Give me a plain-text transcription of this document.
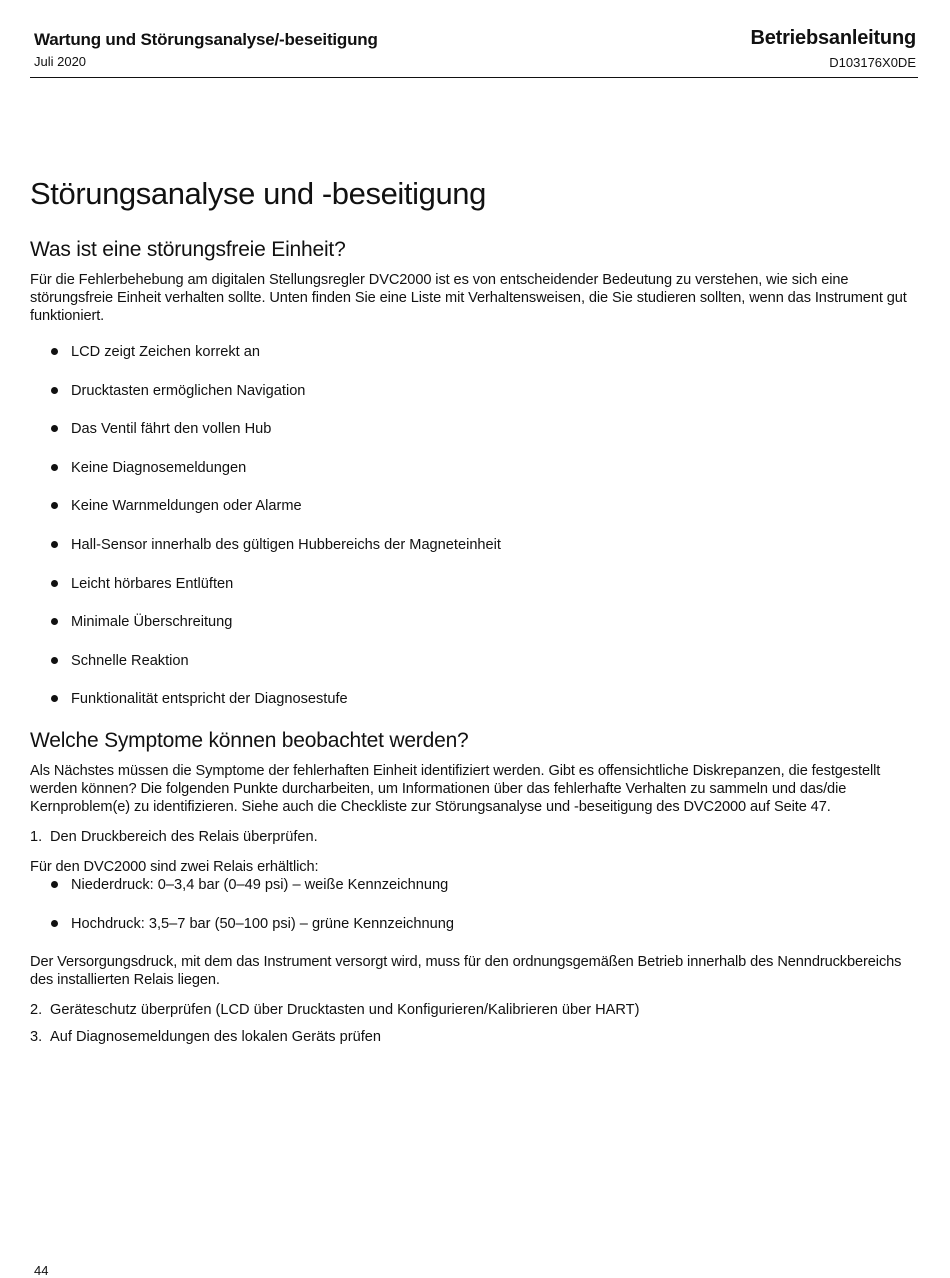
Wartung und Störungsanalyse/-beseitigung
Juli 2020
Betriebsanleitung
D103176X0DE
Störungsanalyse und -beseitigung
Was ist eine störungsfreie Einheit?

Für die Fehlerbehebung am digitalen Stellungsregler DVC2000 ist es von entscheidender Bedeutung zu verstehen, wie sich eine störungsfreie Einheit verhalten sollte. Unten finden Sie eine Liste mit Verhaltensweisen, die Sie studieren sollten, wenn das Instrument gut funktioniert.

LCD zeigt Zeichen korrekt an
Drucktasten ermöglichen Navigation
Das Ventil fährt den vollen Hub
Keine Diagnosemeldungen
Keine Warnmeldungen oder Alarme
Hall-Sensor innerhalb des gültigen Hubbereichs der Magneteinheit
Leicht hörbares Entlüften
Minimale Überschreitung
Schnelle Reaktion
Funktionalität entspricht der Diagnosestufe
Welche Symptome können beobachtet werden?

Als Nächstes müssen die Symptome der fehlerhaften Einheit identifiziert werden. Gibt es offensichtliche Diskrepanzen, die festgestellt werden können? Die folgenden Punkte durcharbeiten, um Informationen über das fehlerhafte Verhalten zu sammeln und das/die Kernproblem(e) zu identifizieren. Siehe auch die Checkliste zur Störungsanalyse und -beseitigung des DVC2000 auf Seite 47.

1. Den Druckbereich des Relais überprüfen.

Für den DVC2000 sind zwei Relais erhältlich:

Niederdruck: 0–3,4 bar (0–49 psi) – weiße Kennzeichnung
Hochdruck: 3,5–7 bar (50–100 psi) – grüne Kennzeichnung

Der Versorgungsdruck, mit dem das Instrument versorgt wird, muss für den ordnungsgemäßen Betrieb innerhalb des Nenndruckbereichs des installierten Relais liegen.

2. Geräteschutz überprüfen (LCD über Drucktasten und Konfigurieren/Kalibrieren über HART)
3. Auf Diagnosemeldungen des lokalen Geräts prüfen
44
